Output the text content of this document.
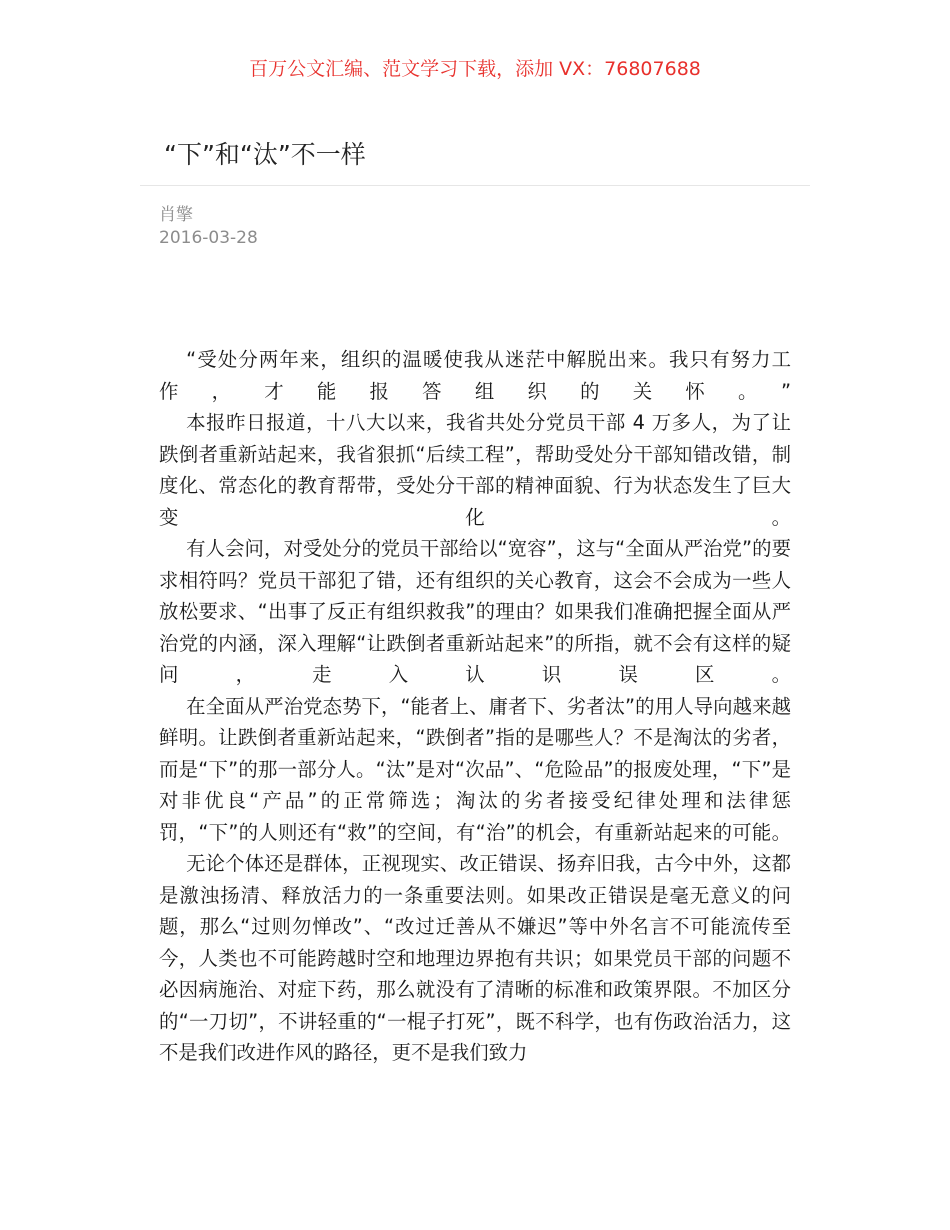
百万公文汇编、范文学习下载，添加 VX：76807688
“下”和“汰”不一样
肖擎
2016-03-28

“受处分两年来，组织的温暖使我从迷茫中解脱出来。我只有努力工作，才能报答组织的关怀。”

本报昨日报道，十八大以来，我省共处分党员干部 4 万多人，为了让跌倒者重新站起来，我省狠抓“后续工程”，帮助受处分干部知错改错，制度化、常态化的教育帮带，受处分干部的精神面貌、行为状态发生了巨大变化。

有人会问，对受处分的党员干部给以“宽容”，这与“全面从严治党”的要求相符吗？党员干部犯了错，还有组织的关心教育，这会不会成为一些人放松要求、“出事了反正有组织救我”的理由？如果我们准确把握全面从严治党的内涵，深入理解“让跌倒者重新站起来”的所指，就不会有这样的疑问，走入认识误区。

在全面从严治党态势下，“能者上、庸者下、劣者汰”的用人导向越来越鲜明。让跌倒者重新站起来，“跌倒者”指的是哪些人？不是淘汰的劣者，而是“下”的那一部分人。“汰”是对“次品”、“危险品”的报废处理，“下”是对非优良“产品”的正常筛选；淘汰的劣者接受纪律处理和法律惩罚，“下”的人则还有“救”的空间，有“治”的机会，有重新站起来的可能。

无论个体还是群体，正视现实、改正错误、扬弃旧我，古今中外，这都是激浊扬清、释放活力的一条重要法则。如果改正错误是毫无意义的问题，那么“过则勿惮改”、“改过迁善从不嫌迟”等中外名言不可能流传至今，人类也不可能跨越时空和地理边界抱有共识；如果党员干部的问题不必因病施治、对症下药，那么就没有了清晰的标准和政策界限。不加区分的“一刀切”，不讲轻重的“一棍子打死”，既不科学，也有伤政治活力，这不是我们改进作风的路径，更不是我们致力
